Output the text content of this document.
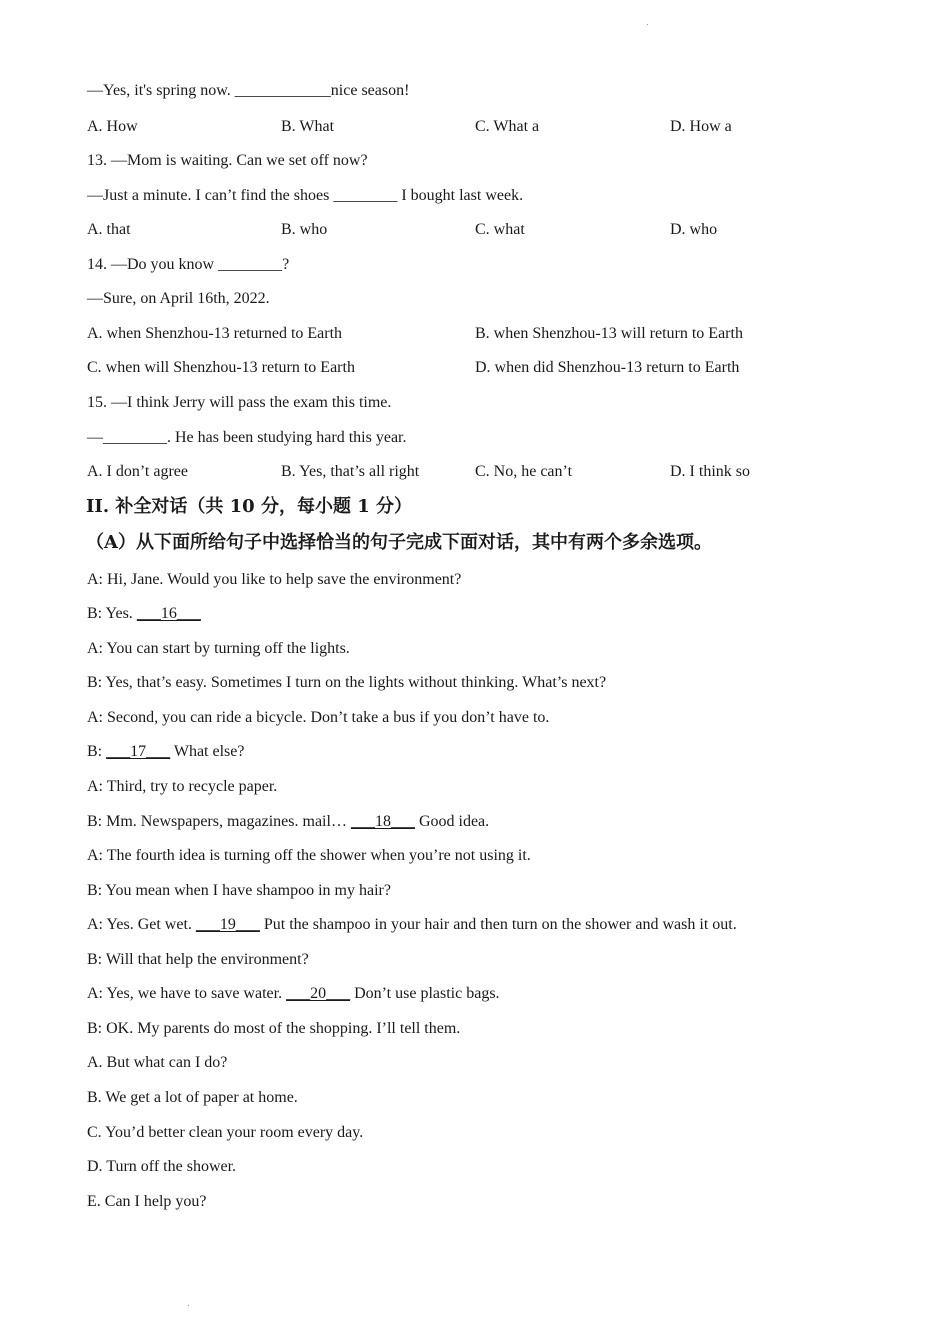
—Yes, it's spring now. ____________nice season!
A. How	B. What	C. What a	D. How a
13. —Mom is waiting. Can we set off now?
—Just a minute. I can’t find the shoes ________ I bought last week.
A. that	B. who	C. what	D. who
14. —Do you know ________?
—Sure, on April 16th, 2022.
A. when Shenzhou-13 returned to Earth	B. when Shenzhou-13 will return to Earth
C. when will Shenzhou-13 return to Earth	D. when did Shenzhou-13 return to Earth
15. —I think Jerry will pass the exam this time.
—________. He has been studying hard this year.
A. I don’t agree	B. Yes, that’s all right	C. No, he can’t	D. I think so
II. 补全对话（共 10 分，每小题 1 分）
（A）从下面所给句子中选择恰当的句子完成下面对话，其中有两个多余选项。
A: Hi, Jane. Would you like to help save the environment?
B: Yes. ___16___
A: You can start by turning off the lights.
B: Yes, that’s easy. Sometimes I turn on the lights without thinking. What’s next?
A: Second, you can ride a bicycle. Don’t take a bus if you don’t have to.
B: ___17___ What else?
A: Third, try to recycle paper.
B: Mm. Newspapers, magazines. mail… ___18___ Good idea.
A: The fourth idea is turning off the shower when you’re not using it.
B: You mean when I have shampoo in my hair?
A: Yes. Get wet. ___19___ Put the shampoo in your hair and then turn on the shower and wash it out.
B: Will that help the environment?
A: Yes, we have to save water. ___20___ Don’t use plastic bags.
B: OK. My parents do most of the shopping. I’ll tell them.
A. But what can I do?
B. We get a lot of paper at home.
C. You’d better clean your room every day.
D. Turn off the shower.
E. Can I help you?
